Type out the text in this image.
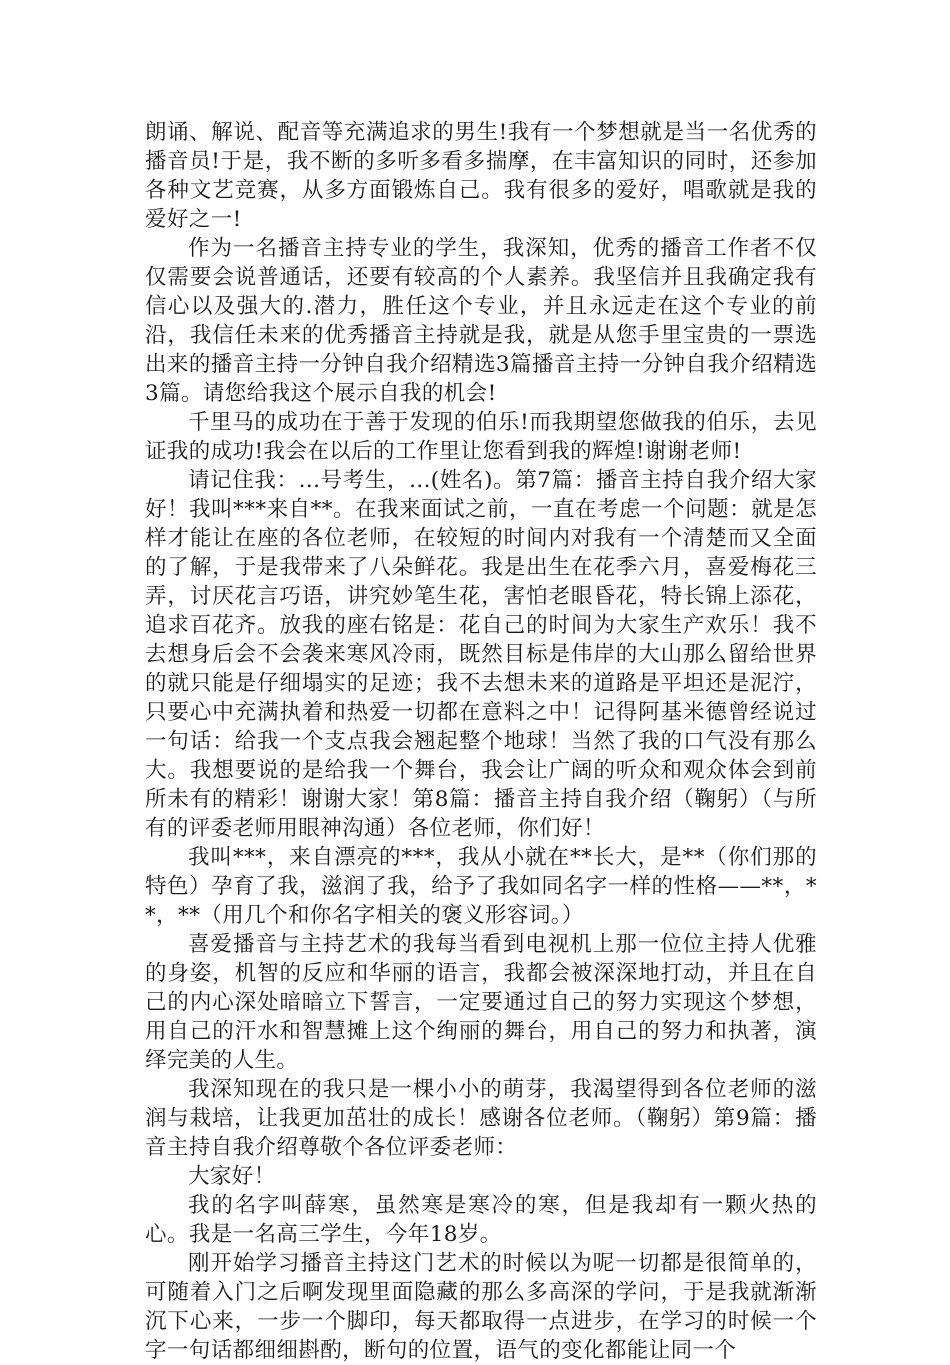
朗诵、解说、配音等充满追求的男生!我有一个梦想就是当一名优秀的播音员!于是，我不断的多听多看多揣摩，在丰富知识的同时，还参加各种文艺竞赛，从多方面锻炼自己。我有很多的爱好，唱歌就是我的爱好之一!

作为一名播音主持专业的学生，我深知，优秀的播音工作者不仅仅需要会说普通话，还要有较高的个人素养。我坚信并且我确定我有信心以及强大的.潜力，胜任这个专业，并且永远走在这个专业的前沿，我信任未来的优秀播音主持就是我，就是从您手里宝贵的一票选出来的播音主持一分钟自我介绍精选3篇播音主持一分钟自我介绍精选3篇。请您给我这个展示自我的机会!

千里马的成功在于善于发现的伯乐!而我期望您做我的伯乐，去见证我的成功!我会在以后的工作里让您看到我的辉煌!谢谢老师!

请记住我：...号考生，...(姓名)。第7篇：播音主持自我介绍大家好！我叫***来自**。在我来面试之前，一直在考虑一个问题：就是怎样才能让在座的各位老师，在较短的时间内对我有一个清楚而又全面的了解，于是我带来了八朵鲜花。我是出生在花季六月，喜爱梅花三弄，讨厌花言巧语，讲究妙笔生花，害怕老眼昏花，特长锦上添花，追求百花齐。放我的座右铭是：花自己的时间为大家生产欢乐！我不去想身后会不会袭来寒风冷雨，既然目标是伟岸的大山那么留给世界的就只能是仔细塌实的足迹；我不去想未来的道路是平坦还是泥泞，只要心中充满执着和热爱一切都在意料之中！记得阿基米德曾经说过一句话：给我一个支点我会翘起整个地球！当然了我的口气没有那么大。我想要说的是给我一个舞台，我会让广阔的听众和观众体会到前所未有的精彩！谢谢大家！第8篇：播音主持自我介绍（鞠躬）（与所有的评委老师用眼神沟通）各位老师，你们好！

我叫***，来自漂亮的***，我从小就在**长大，是**（你们那的特色）孕育了我，滋润了我，给予了我如同名字一样的性格——**，**，**（用几个和你名字相关的褒义形容词。）

喜爱播音与主持艺术的我每当看到电视机上那一位位主持人优雅的身姿，机智的反应和华丽的语言，我都会被深深地打动，并且在自己的内心深处暗暗立下誓言，一定要通过自己的努力实现这个梦想，用自己的汗水和智慧摊上这个绚丽的舞台，用自己的努力和执著，演绎完美的人生。

我深知现在的我只是一棵小小的萌芽，我渴望得到各位老师的滋润与栽培，让我更加茁壮的成长！感谢各位老师。（鞠躬）第9篇：播音主持自我介绍尊敬个各位评委老师：

大家好！

我的名字叫薛寒，虽然寒是寒冷的寒，但是我却有一颗火热的心。我是一名高三学生，今年18岁。

刚开始学习播音主持这门艺术的时候以为呢一切都是很简单的，可随着入门之后啊发现里面隐藏的那么多高深的学问，于是我就渐渐沉下心来，一步一个脚印，每天都取得一点进步，在学习的时候一个字一句话都细细斟酌，断句的位置，语气的变化都能让同一个
